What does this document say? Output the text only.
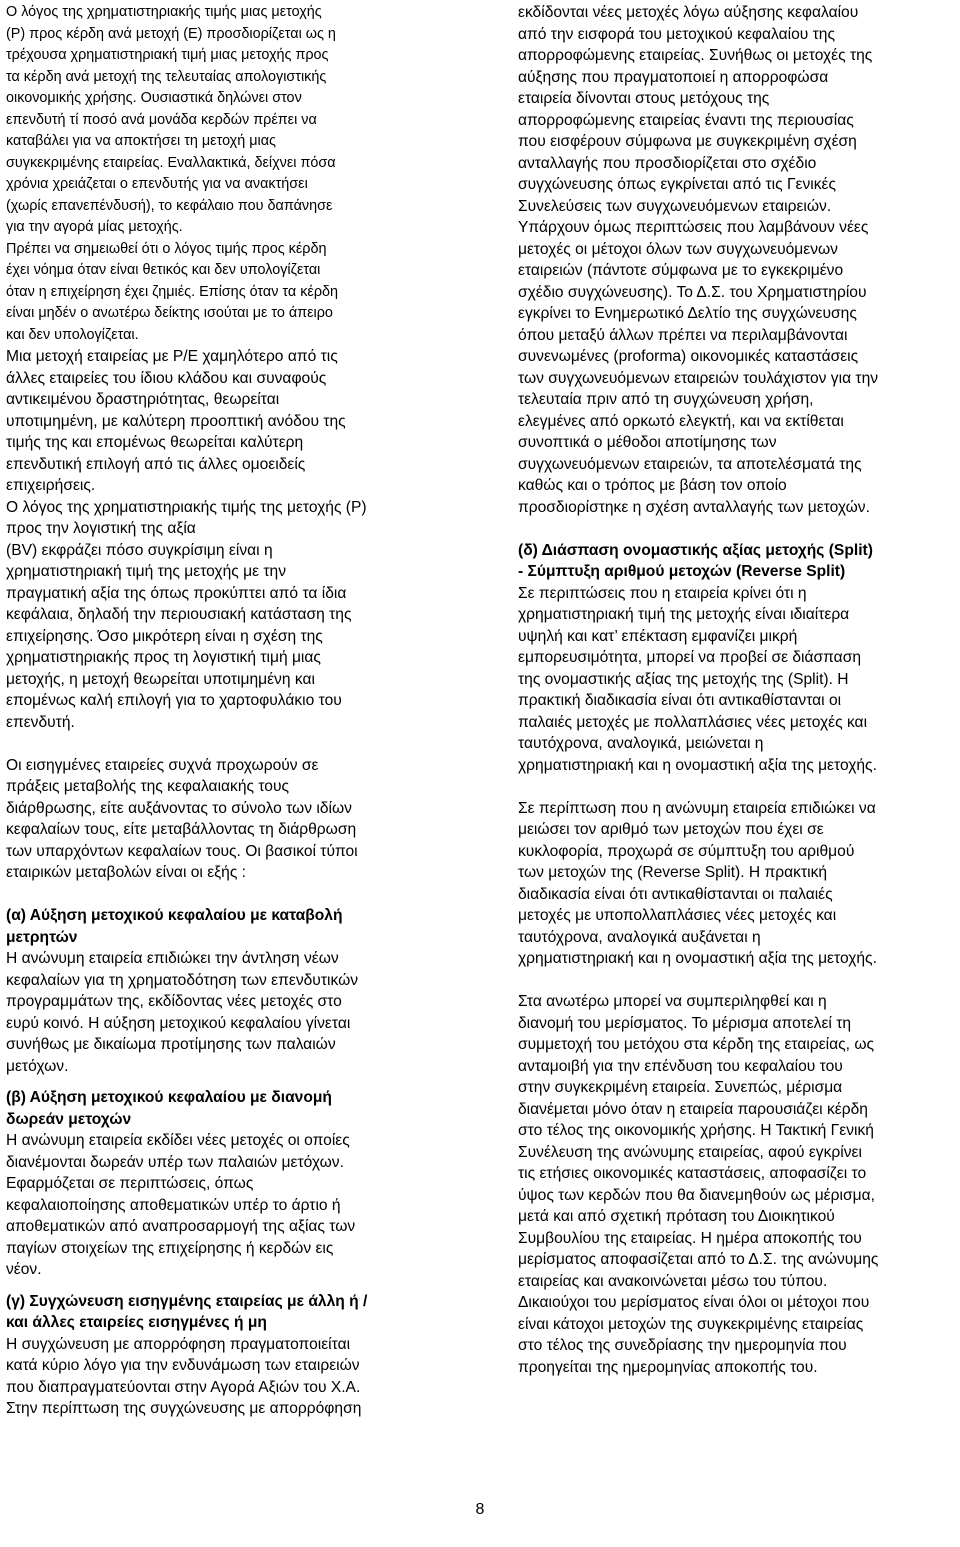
Ο λόγος της χρηματιστηριακής τιμής μιας μετοχής
(P) προς κέρδη ανά μετοχή (E) προσδιορίζεται ως η
τρέχουσα χρηματιστηριακή τιμή μιας μετοχής προς
τα κέρδη ανά μετοχή της τελευταίας απολογιστικής
οικονομικής χρήσης. Ουσιαστικά δηλώνει στον
επενδυτή τί ποσό ανά μονάδα κερδών πρέπει να
καταβάλει για να αποκτήσει τη μετοχή μιας
συγκεκριμένης εταιρείας. Εναλλακτικά, δείχνει πόσα
χρόνια χρειάζεται ο επενδυτής για να ανακτήσει
(χωρίς επανεπένδυσή), το κεφάλαιο που δαπάνησε
για την αγορά μίας μετοχής.
Πρέπει να σημειωθεί ότι ο λόγος τιμής προς κέρδη
έχει νόημα όταν είναι θετικός και δεν υπολογίζεται
όταν η επιχείρηση έχει ζημιές. Επίσης όταν τα κέρδη
είναι μηδέν ο ανωτέρω δείκτης ισούται με το άπειρο
και δεν υπολογίζεται.

Μια μετοχή εταιρείας με Ρ/Ε χαμηλότερο από τις
άλλες εταιρείες του ίδιου κλάδου και συναφούς
αντικειμένου δραστηριότητας, θεωρείται
υποτιμημένη, με καλύτερη προοπτική ανόδου της
τιμής της και επομένως θεωρείται καλύτερη
επενδυτική επιλογή από τις άλλες ομοειδείς
επιχειρήσεις.
Ο λόγος της χρηματιστηριακής τιμής της μετοχής (P)
προς την λογιστική της αξία
(BV) εκφράζει πόσο συγκρίσιμη είναι η
χρηματιστηριακή τιμή της μετοχής με την
πραγματική αξία της όπως προκύπτει από τα ίδια
κεφάλαια, δηλαδή την περιουσιακή κατάσταση της
επιχείρησης. Όσο μικρότερη είναι η σχέση της
χρηματιστηριακής προς τη λογιστική τιμή μιας
μετοχής, η μετοχή θεωρείται υποτιμημένη και
επομένως καλή επιλογή για το χαρτοφυλάκιο του
επενδυτή.

Οι εισηγμένες εταιρείες συχνά προχωρούν σε
πράξεις μεταβολής της κεφαλαιακής τους
διάρθρωσης, είτε αυξάνοντας το σύνολο των ιδίων
κεφαλαίων τους, είτε μεταβάλλοντας τη διάρθρωση
των υπαρχόντων κεφαλαίων τους. Οι βασικοί τύποι
εταιρικών μεταβολών είναι οι εξής :

(α) Αύξηση μετοχικού κεφαλαίου με καταβολή
μετρητών

Η ανώνυμη εταιρεία επιδιώκει την άντληση νέων
κεφαλαίων για τη χρηματοδότηση των επενδυτικών
προγραμμάτων της, εκδίδοντας νέες μετοχές στο
ευρύ κοινό. Η αύξηση μετοχικού κεφαλαίου γίνεται
συνήθως με δικαίωμα προτίμησης των παλαιών
μετόχων.

(β) Αύξηση μετοχικού κεφαλαίου με διανομή
δωρεάν μετοχών

Η ανώνυμη εταιρεία εκδίδει νέες μετοχές οι οποίες
διανέμονται δωρεάν υπέρ των παλαιών μετόχων.
Εφαρμόζεται σε περιπτώσεις, όπως
κεφαλαιοποίησης αποθεματικών υπέρ το άρτιο ή
αποθεματικών από αναπροσαρμογή της αξίας των
παγίων στοιχείων της επιχείρησης ή κερδών εις
νέον.

(γ) Συγχώνευση εισηγμένης εταιρείας με άλλη ή /
και άλλες εταιρείες εισηγμένες ή μη

Η συγχώνευση με απορρόφηση πραγματοποιείται
κατά κύριο λόγο για την ενδυνάμωση των εταιρειών
που διαπραγματεύονται στην Αγορά Αξιών του Χ.Α.
Στην περίπτωση της συγχώνευσης με απορρόφηση

εκδίδονται νέες μετοχές λόγω αύξησης κεφαλαίου
από την εισφορά του μετοχικού κεφαλαίου της
απορροφώμενης εταιρείας. Συνήθως οι μετοχές της
αύξησης που πραγματοποιεί η απορροφώσα
εταιρεία δίνονται στους μετόχους της
απορροφώμενης εταιρείας έναντι της περιουσίας
που εισφέρουν σύμφωνα με συγκεκριμένη σχέση
ανταλλαγής που προσδιορίζεται στο σχέδιο
συγχώνευσης όπως εγκρίνεται από τις Γενικές
Συνελεύσεις των συγχωνευόμενων εταιρειών.
Υπάρχουν όμως περιπτώσεις που λαμβάνουν νέες
μετοχές οι μέτοχοι όλων των συγχωνευόμενων
εταιρειών (πάντοτε σύμφωνα με το εγκεκριμένο
σχέδιο συγχώνευσης). Το Δ.Σ. του Χρηματιστηρίου
εγκρίνει το Ενημερωτικό Δελτίο της συγχώνευσης
όπου μεταξύ άλλων πρέπει να περιλαμβάνονται
συνενωμένες (proforma) οικονομικές καταστάσεις
των συγχωνευόμενων εταιρειών τουλάχιστον για την
τελευταία πριν από τη συγχώνευση χρήση,
ελεγμένες από ορκωτό ελεγκτή, και να εκτίθεται
συνοπτικά ο μέθοδοι αποτίμησης των
συγχωνευόμενων εταιρειών, τα αποτελέσματά της
καθώς και ο τρόπος με βάση τον οποίο
προσδιορίστηκε η σχέση ανταλλαγής των μετοχών.

(δ) Διάσπαση ονομαστικής αξίας μετοχής (Split)
- Σύμπτυξη αριθμού μετοχών (Reverse Split)

Σε περιπτώσεις που η εταιρεία κρίνει ότι η
χρηματιστηριακή τιμή της μετοχής είναι ιδιαίτερα
υψηλή και κατ’ επέκταση εμφανίζει μικρή
εμπορευσιμότητα, μπορεί να προβεί σε διάσπαση
της ονομαστικής αξίας της μετοχής της (Split). Η
πρακτική διαδικασία είναι ότι αντικαθίστανται οι
παλαιές μετοχές με πολλαπλάσιες νέες μετοχές και
ταυτόχρονα, αναλογικά, μειώνεται η
χρηματιστηριακή και η ονομαστική αξία της μετοχής.

Σε περίπτωση που η ανώνυμη εταιρεία επιδιώκει να
μειώσει τον αριθμό των μετοχών που έχει σε
κυκλοφορία, προχωρά σε σύμπτυξη του αριθμού
των μετοχών της (Reverse Split). Η πρακτική
διαδικασία είναι ότι αντικαθίστανται οι παλαιές
μετοχές με υποπολλαπλάσιες νέες μετοχές και
ταυτόχρονα, αναλογικά αυξάνεται η
χρηματιστηριακή και η ονομαστική αξία της μετοχής.

Στα ανωτέρω μπορεί να συμπεριληφθεί και η
διανομή του μερίσματος. Το μέρισμα αποτελεί τη
συμμετοχή του μετόχου στα κέρδη της εταιρείας, ως
ανταμοιβή για την επένδυση του κεφαλαίου του
στην συγκεκριμένη εταιρεία. Συνεπώς, μέρισμα
διανέμεται μόνο όταν η εταιρεία παρουσιάζει κέρδη
στο τέλος της οικονομικής χρήσης. Η Τακτική Γενική
Συνέλευση της ανώνυμης εταιρείας, αφού εγκρίνει
τις ετήσιες οικονομικές καταστάσεις, αποφασίζει το
ύψος των κερδών που θα διανεμηθούν ως μέρισμα,
μετά και από σχετική πρόταση του Διοικητικού
Συμβουλίου της εταιρείας. Η ημέρα αποκοπής του
μερίσματος αποφασίζεται από το Δ.Σ. της ανώνυμης
εταιρείας και ανακοινώνεται μέσω του τύπου.
Δικαιούχοι του μερίσματος είναι όλοι οι μέτοχοι που
είναι κάτοχοι μετοχών της συγκεκριμένης εταιρείας
στο τέλος της συνεδρίασης την ημερομηνία που
προηγείται της ημερομηνίας αποκοπής του.

8
